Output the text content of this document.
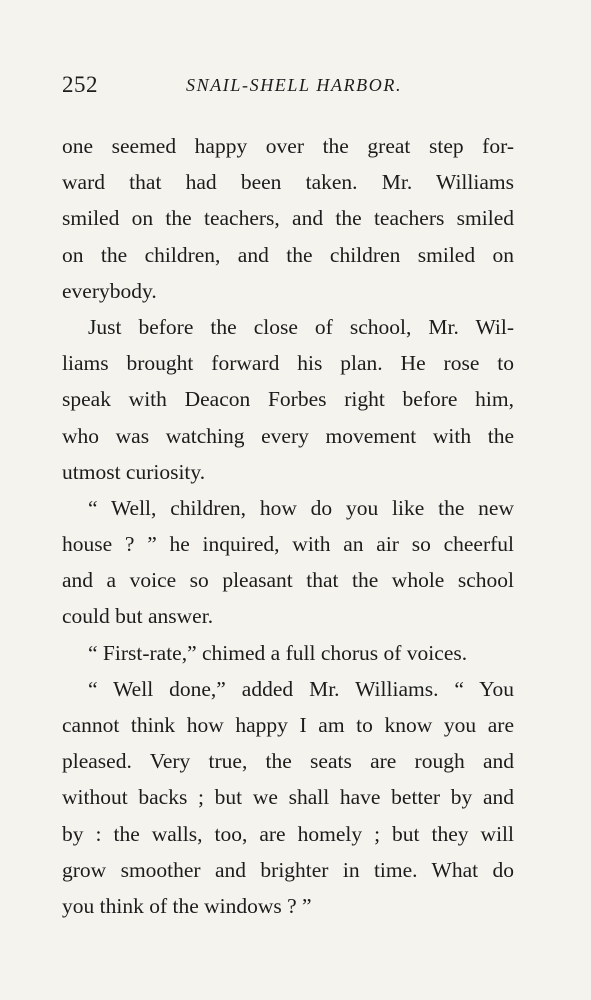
252	SNAIL-SHELL HARBOR.
one seemed happy over the great step for-
ward that had been taken. Mr. Williams
smiled on the teachers, and the teachers smiled
on the children, and the children smiled on
everybody.
Just before the close of school, Mr. Wil-
liams brought forward his plan. He rose to
speak with Deacon Forbes right before him,
who was watching every movement with the
utmost curiosity.
“ Well, children, how do you like the new
house ? ” he inquired, with an air so cheerful
and a voice so pleasant that the whole school
could but answer.
“ First-rate,” chimed a full chorus of voices.
“ Well done,” added Mr. Williams. “ You
cannot think how happy I am to know you are
pleased. Very true, the seats are rough and
without backs ; but we shall have better by and
by : the walls, too, are homely ; but they will
grow smoother and brighter in time. What do
you think of the windows ? ”
